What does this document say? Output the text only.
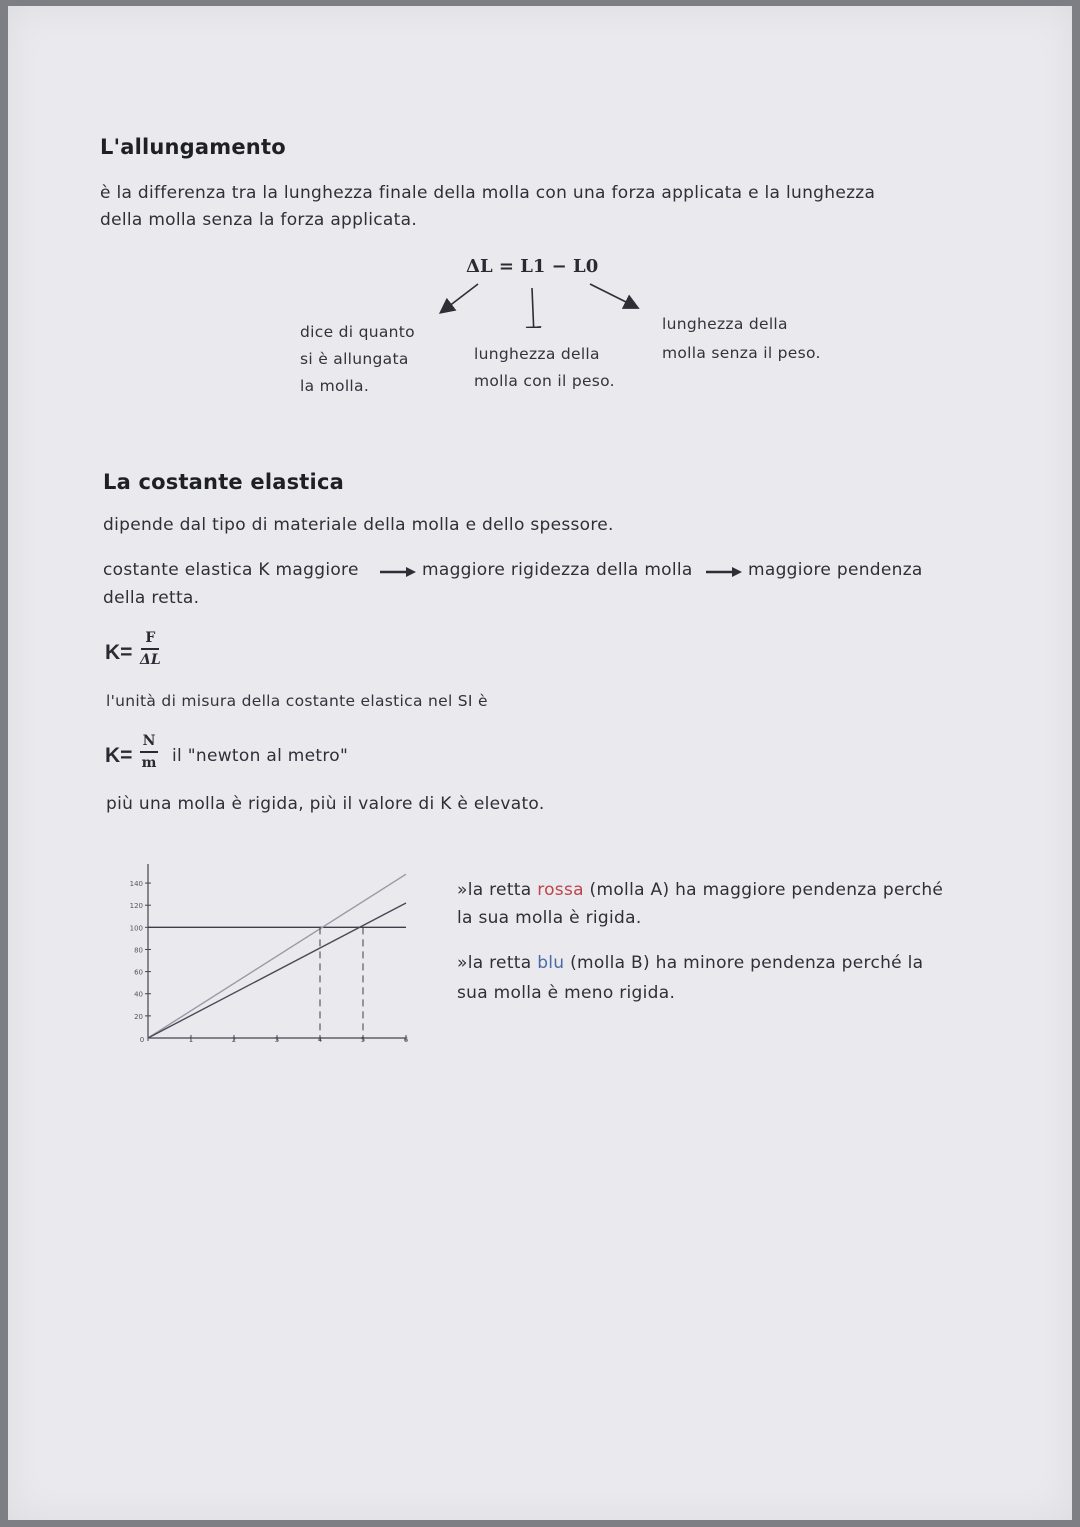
L'allungamento
è la differenza tra la lunghezza finale della molla con una forza applicata e la lunghezza
della molla senza la forza applicata.
ΔL = L1 − L0
dice di quanto
si è allungata
la molla.
lunghezza della
molla con il peso.
lunghezza della
molla senza il peso.
La costante elastica
dipende dal tipo di materiale della molla e dello spessore.
costante elastica K maggiore	maggiore rigidezza della molla	maggiore pendenza
della retta.
K=
F
ΔL
l'unità di misura della costante elastica nel SI è
K=
N
m il "newton al metro"
più una molla è rigida, più il valore di K è elevato.
20
40
60
80
100
120
140
0	1	2	3	4	5	6
»la retta rossa (molla A) ha maggiore pendenza perché
la sua molla è rigida.
»la retta blu (molla B) ha minore pendenza perché la
sua molla è meno rigida.
